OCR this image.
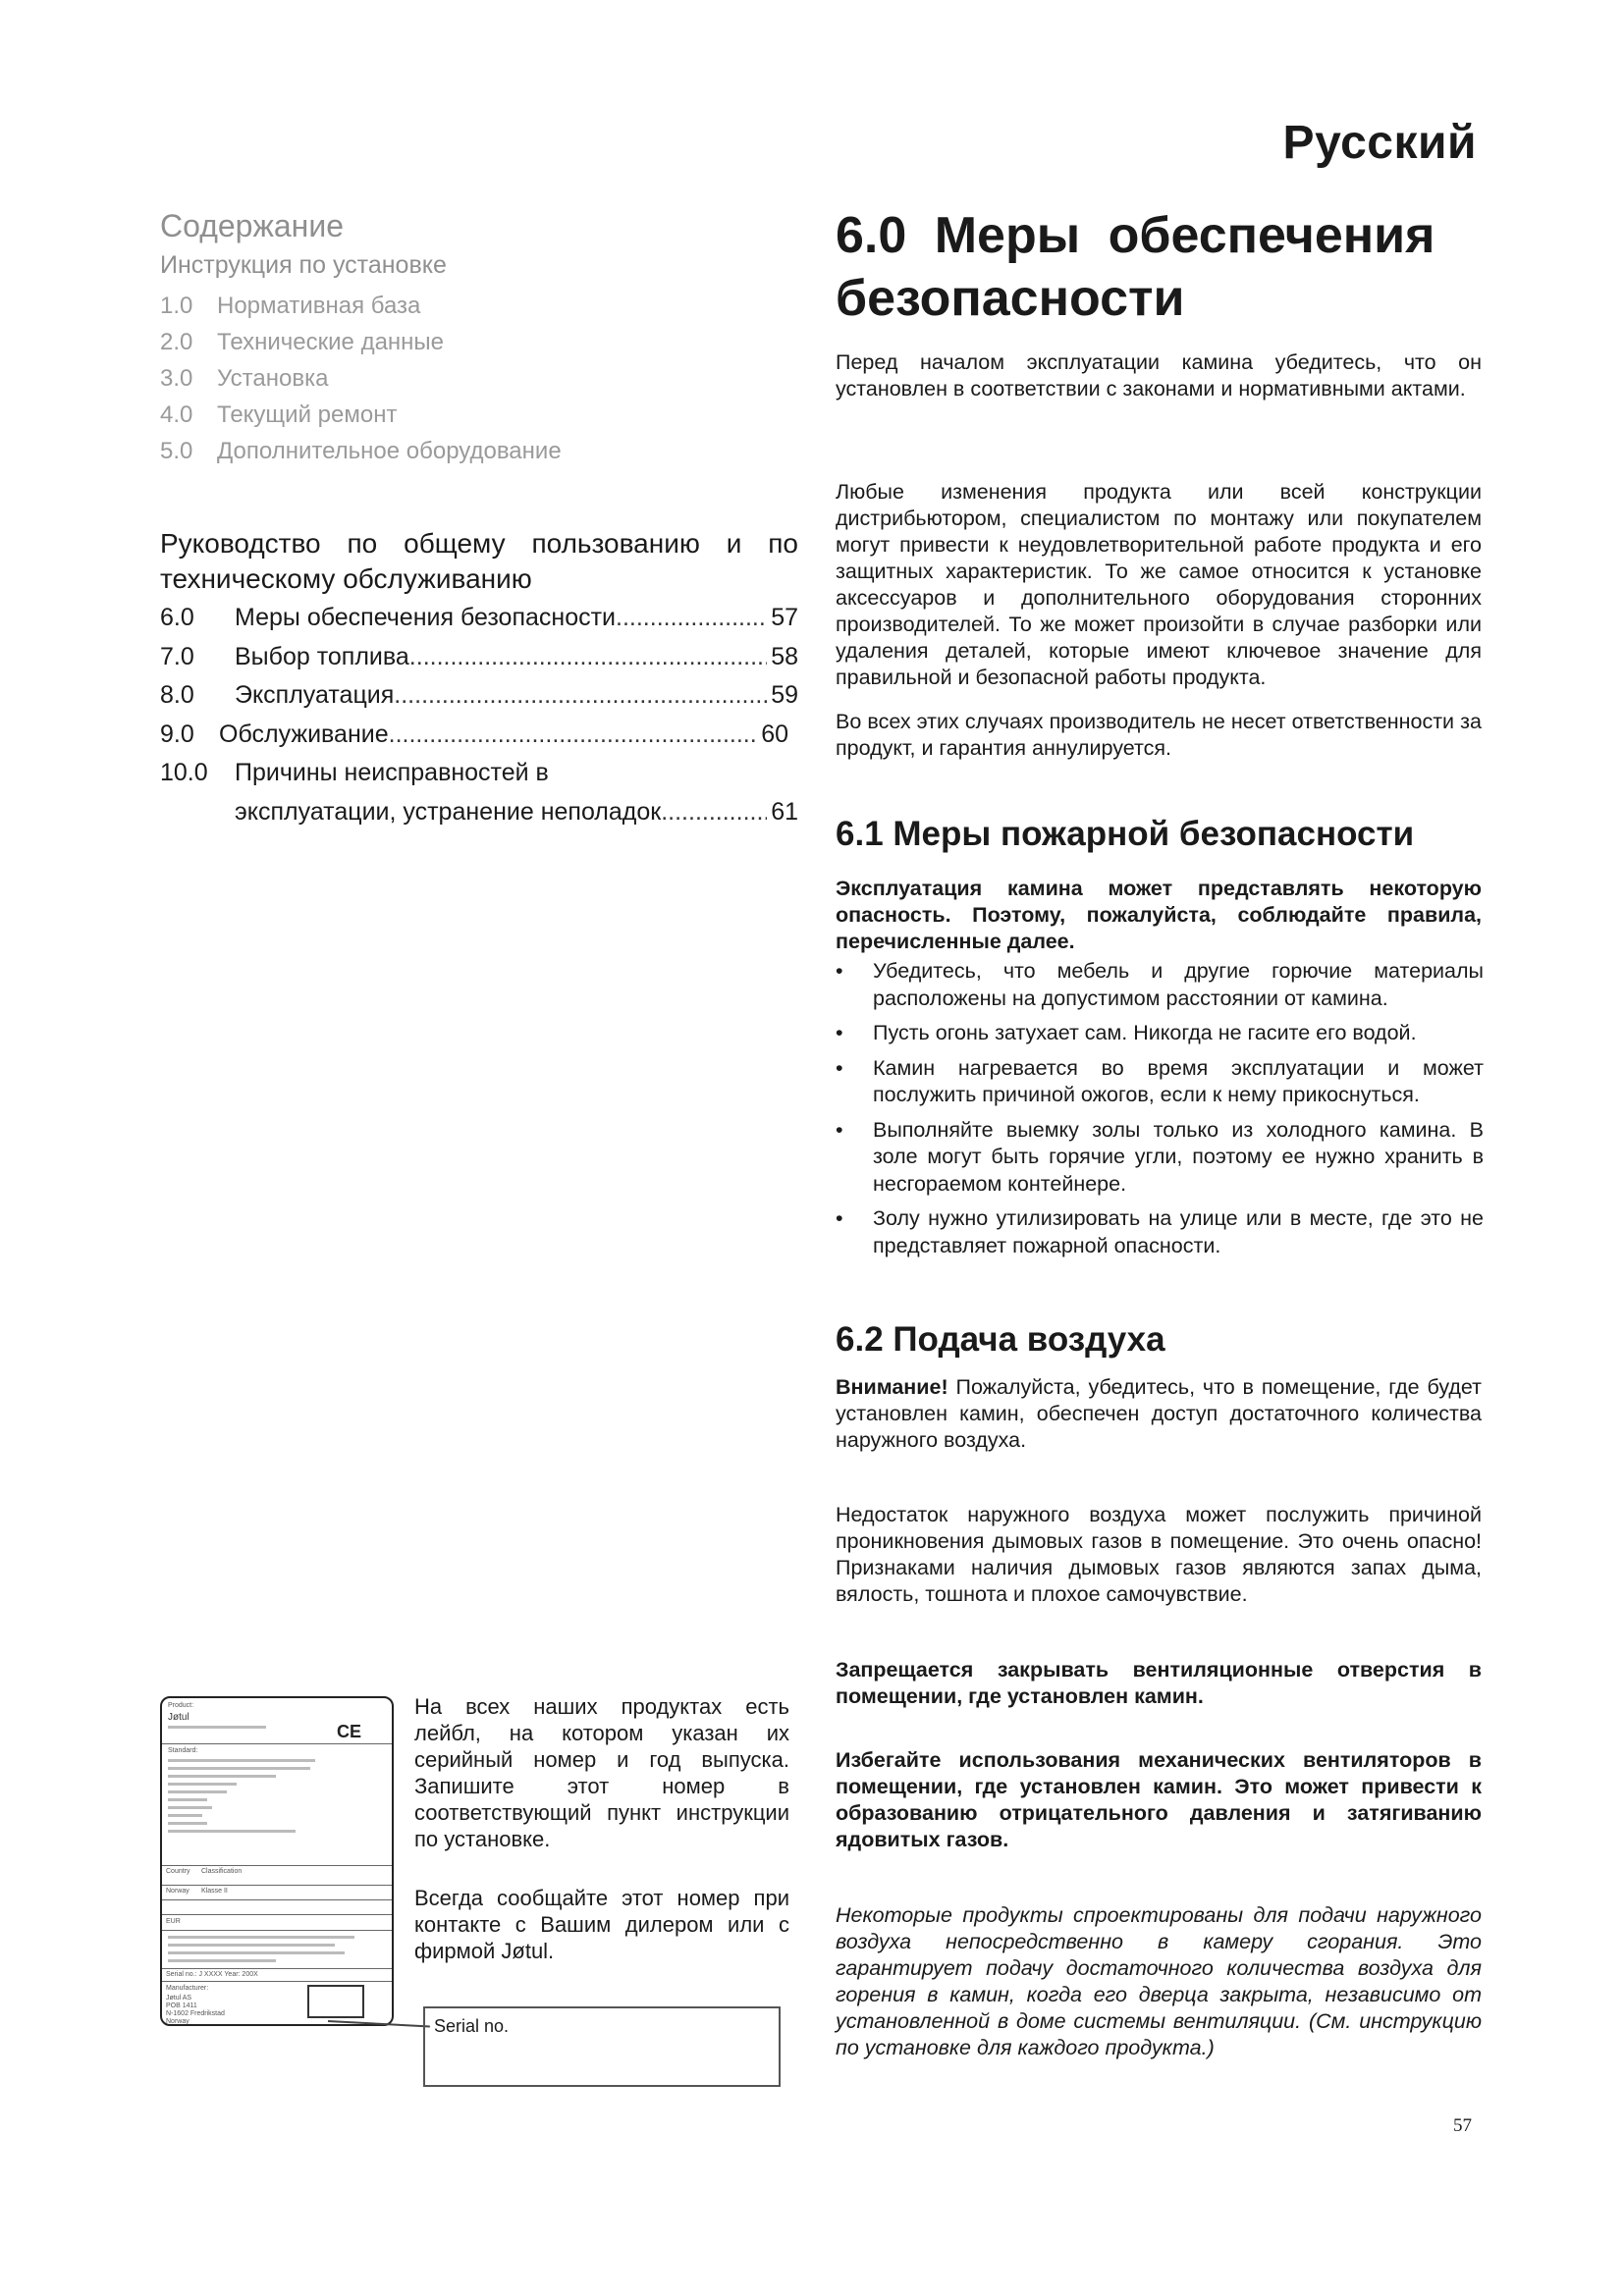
Русский
Содержание
Инструкция по установке
1.0 Нормативная база
2.0 Технические данные
3.0 Установка
4.0 Текущий ремонт
5.0 Дополнительное оборудование
Руководство по общему пользованию и по
техническому обслуживанию
6.0	Меры обеспечения безопасности .....	57
7.0	Выбор топлива .....	58
8.0	Эксплуатация .....	59
9.0	Обслуживание .....	60
10.0	Причины неисправностей в
эксплуатации, устранение неполадок .....	61
6.0 Меры обеспечения
безопасности
Перед началом эксплуатации камина убедитесь, что он установлен в соответствии с законами и нормативными актами.
Любые изменения продукта или всей конструкции дистрибьютором, специалистом по монтажу или покупателем могут привести к неудовлетворительной работе продукта и его защитных характеристик. То же самое относится к установке аксессуаров и дополнительного оборудования сторонних производителей. То же может произойти в случае разборки или удаления деталей, которые имеют ключевое значение для правильной и безопасной работы продукта.
Во всех этих случаях производитель не несет ответственности за продукт, и гарантия аннулируется.
6.1 Меры пожарной безопасности
Эксплуатация камина может представлять некоторую опасность. Поэтому, пожалуйста, соблюдайте правила, перечисленные далее.
• Убедитесь, что мебель и другие горючие материалы расположены на допустимом расстоянии от камина.
• Пусть огонь затухает сам. Никогда не гасите его водой.
• Камин нагревается во время эксплуатации и может послужить причиной ожогов, если к нему прикоснуться.
• Выполняйте выемку золы только из холодного камина. В золе могут быть горячие угли, поэтому ее нужно хранить в несгораемом контейнере.
• Золу нужно утилизировать на улице или в месте, где это не представляет пожарной опасности.
6.2 Подача воздуха
Внимание! Пожалуйста, убедитесь, что в помещение, где будет установлен камин, обеспечен доступ достаточного количества наружного воздуха.
Недостаток наружного воздуха может послужить причиной проникновения дымовых газов в помещение. Это очень опасно! Признаками наличия дымовых газов являются запах дыма, вялость, тошнота и плохое самочувствие.
Запрещается закрывать вентиляционные отверстия в помещении, где установлен камин.
Избегайте использования механических вентиляторов в помещении, где установлен камин. Это может привести к образованию отрицательного давления и затягиванию ядовитых газов.
Некоторые продукты спроектированы для подачи наружного воздуха непосредственно в камеру сгорания. Это гарантирует подачу достаточного количества воздуха для горения в камин, когда его дверца закрыта, независимо от установленной в доме системы вентиляции. (См. инструкцию по установке для каждого продукта.)
Product:
Jøtul
CE
Standard:
Country Classification
Norway Klasse II
EUR
Serial no.: J XXXX Year: 200X
Manufacturer:
Jøtul AS
POB 1411
N-1602 Fredrikstad
Norway
На всех наших продуктах есть лейбл, на котором указан их серийный номер и год выпуска. Запишите этот номер в соответствующий пункт инструкции по установке.
Всегда сообщайте этот номер при контакте с Вашим дилером или с фирмой Jøtul.
Serial no.
57
